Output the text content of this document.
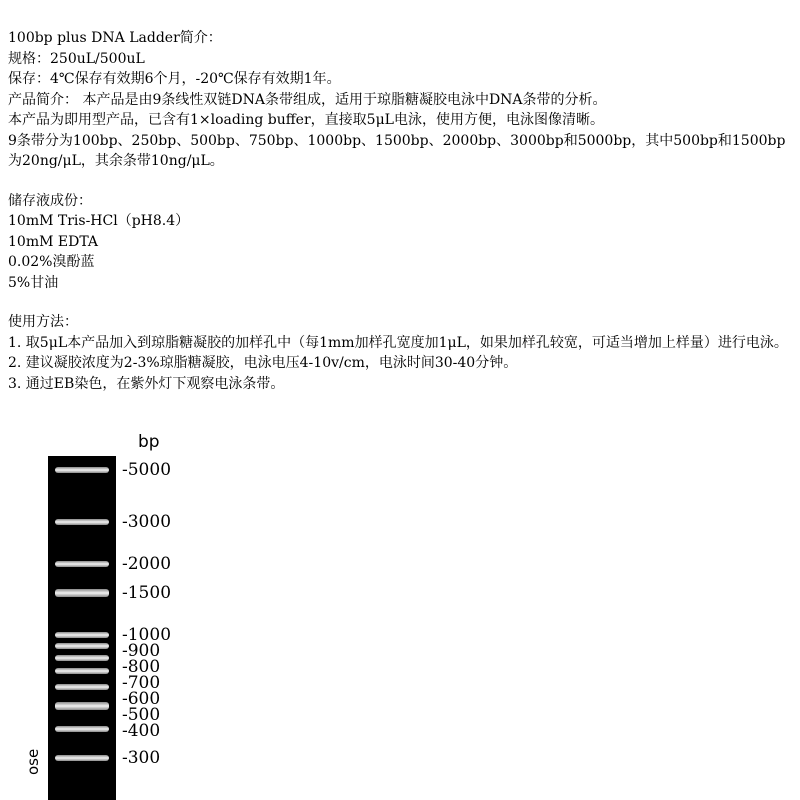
100bp plus DNA Ladder简介：

规格：250uL/500uL

保存：4℃保存有效期6个月，-20℃保存有效期1年。

产品简介： 本产品是由9条线性双链DNA条带组成，适用于琼脂糖凝胶电泳中DNA条带的分析。

本产品为即用型产品，已含有1×loading buffer，直接取5μL电泳，使用方便，电泳图像清晰。

9条带分为100bp、250bp、500bp、750bp、1000bp、1500bp、2000bp、3000bp和5000bp，其中500bp和1500bp为20ng/μL，其余条带10ng/μL。

储存液成份：

10mM Tris-HCl（pH8.4）

10mM EDTA

0.02%溴酚蓝

5%甘油

使用方法：

1. 取5μL本产品加入到琼脂糖凝胶的加样孔中（每1mm加样孔宽度加1μL，如果加样孔较宽，可适当增加上样量）进行电泳。

2. 建议凝胶浓度为2-3%琼脂糖凝胶，电泳电压4-10v/cm，电泳时间30-40分钟。

3. 通过EB染色，在紫外灯下观察电泳条带。

bp
-5000
-3000
-2000
-1500
-1000
-900
-800
-700
-600
-500
-400
-300
ose
